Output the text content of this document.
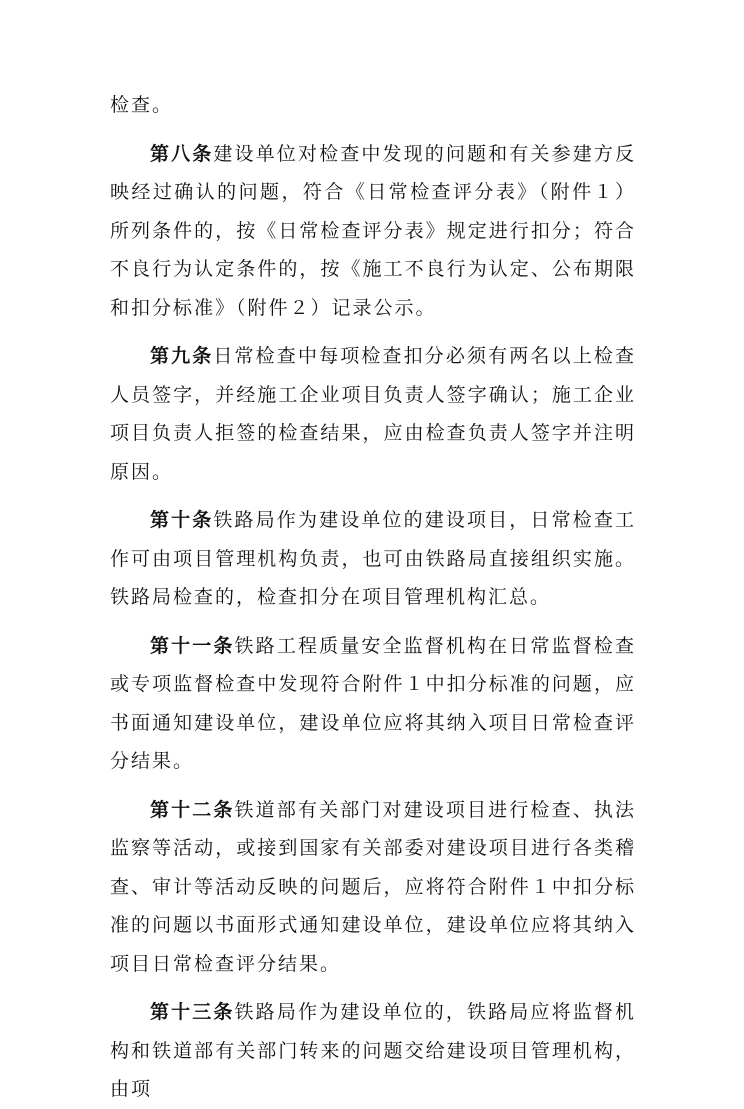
检查。

第八条建设单位对检查中发现的问题和有关参建方反映经过确认的问题，符合《日常检查评分表》（附件１）所列条件的，按《日常检查评分表》规定进行扣分；符合不良行为认定条件的，按《施工不良行为认定、公布期限和扣分标准》（附件２）记录公示。

第九条日常检查中每项检查扣分必须有两名以上检查人员签字，并经施工企业项目负责人签字确认；施工企业项目负责人拒签的检查结果，应由检查负责人签字并注明原因。

第十条铁路局作为建设单位的建设项目，日常检查工作可由项目管理机构负责，也可由铁路局直接组织实施。铁路局检查的，检查扣分在项目管理机构汇总。

第十一条铁路工程质量安全监督机构在日常监督检查或专项监督检查中发现符合附件１中扣分标准的问题，应书面通知建设单位，建设单位应将其纳入项目日常检查评分结果。

第十二条铁道部有关部门对建设项目进行检查、执法监察等活动，或接到国家有关部委对建设项目进行各类稽查、审计等活动反映的问题后，应将符合附件１中扣分标准的问题以书面形式通知建设单位，建设单位应将其纳入项目日常检查评分结果。

第十三条铁路局作为建设单位的，铁路局应将监督机构和铁道部有关部门转来的问题交给建设项目管理机构，由项
